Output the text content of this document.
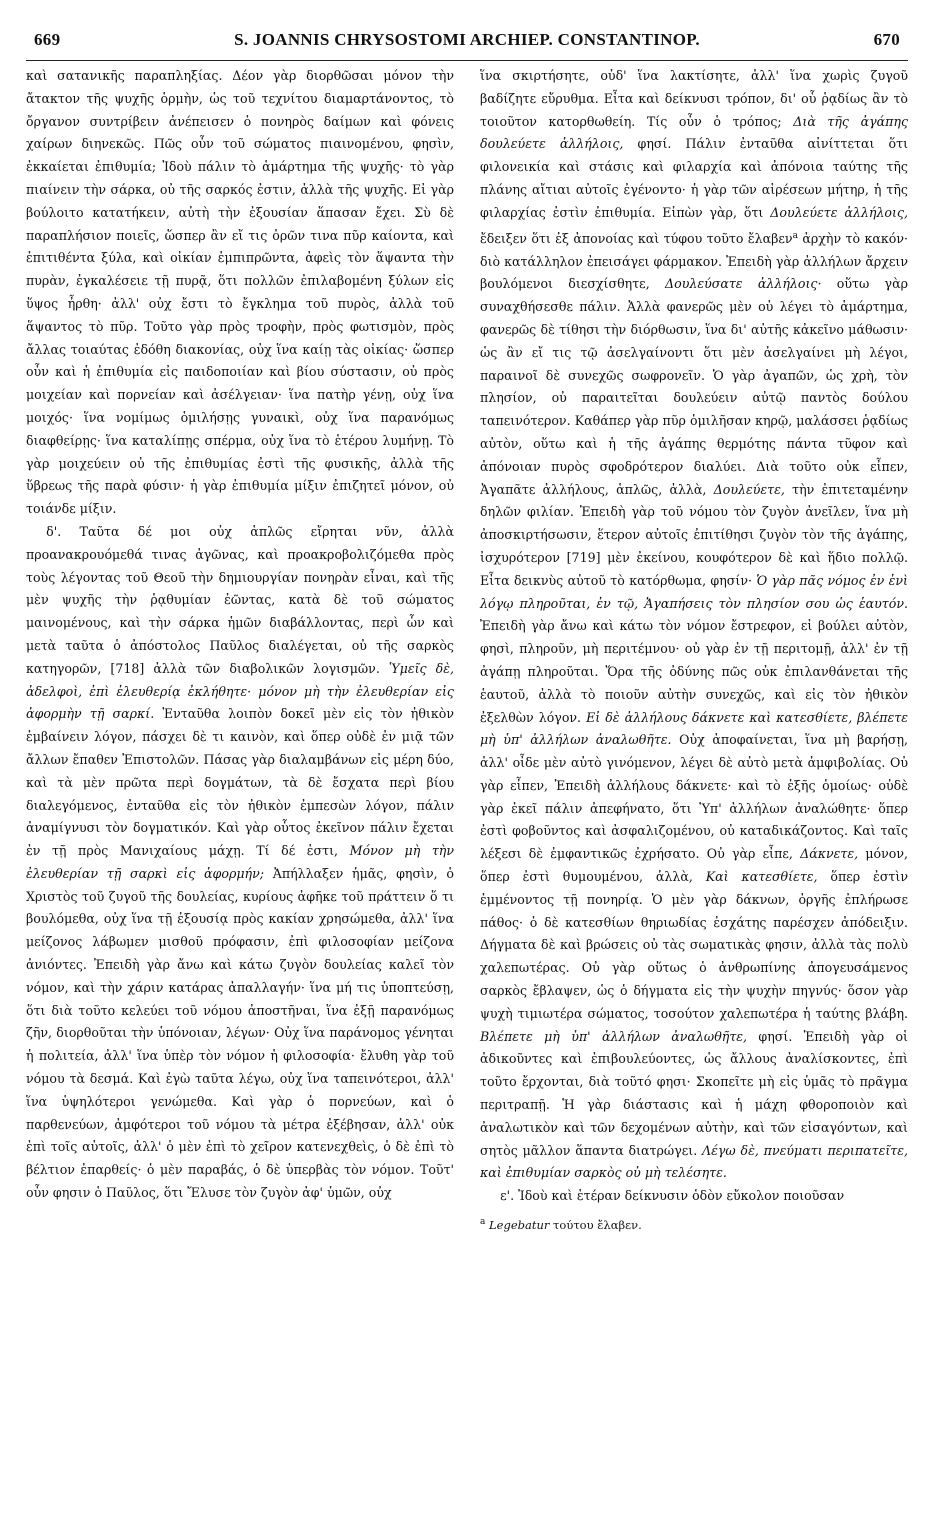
669	S. JOANNIS CHRYSOSTOMI ARCHIEP. CONSTANTINOP.	670

καὶ σατανικῆς παραπληξίας. Δέον γὰρ διορθῶσαι μόνον τὴν ἄτακτον τῆς ψυχῆς ὁρμὴν, ὡς τοῦ τεχνίτου διαμαρτάνοντος, τὸ ὄργανον συντρίβειν ἀνέπεισεν ὁ πονηρὸς δαίμων καὶ φόνεις χαίρων διηνεκῶς. Πῶς οὖν τοῦ σώματος πιαινομένου, φησὶν, ἐκκαίεται ἐπιθυμία; Ἰδοὺ πάλιν τὸ ἁμάρτημα τῆς ψυχῆς· τὸ γὰρ πιαίνειν τὴν σάρκα, οὐ τῆς σαρκός ἐστιν, ἀλλὰ τῆς ψυχῆς. Εἰ γὰρ βούλοιτο κατατήκειν, αὐτὴ τὴν ἐξουσίαν ἅπασαν ἔχει. Σὺ δὲ παραπλήσιον ποιεῖς, ὥσπερ ἂν εἴ τις ὁρῶν τινα πῦρ καίοντα, καὶ ἐπιτιθέντα ξύλα, καὶ οἰκίαν ἐμπιπρῶντα, ἀφεὶς τὸν ἅψαντα τὴν πυρὰν, ἐγκαλέσειε τῇ πυρᾷ, ὅτι πολλῶν ἐπιλαβομένη ξύλων εἰς ὕψος ἦρθη· ἀλλ' οὐχ ἔστι τὸ ἔγκλημα τοῦ πυρὸς, ἀλλὰ τοῦ ἅψαντος τὸ πῦρ. Τοῦτο γὰρ πρὸς τροφὴν, πρὸς φωτισμὸν, πρὸς ἄλλας τοιαύτας ἐδόθη διακονίας, οὐχ ἵνα καίῃ τὰς οἰκίας· ὥσπερ οὖν καὶ ἡ ἐπιθυμία εἰς παιδοποιίαν καὶ βίου σύστασιν, οὐ πρὸς μοιχείαν καὶ πορνείαν καὶ ἀσέλγειαν· ἵνα πατὴρ γένῃ, οὐχ ἵνα μοιχός· ἵνα νομίμως ὁμιλήσῃς γυναικὶ, οὐχ ἵνα παρανόμως διαφθείρῃς· ἵνα καταλίπῃς σπέρμα, οὐχ ἵνα τὸ ἑτέρου λυμήνῃ. Τὸ γὰρ μοιχεύειν οὐ τῆς ἐπιθυμίας ἐστὶ τῆς φυσικῆς, ἀλλὰ τῆς ὕβρεως τῆς παρὰ φύσιν· ἡ γὰρ ἐπιθυμία μίξιν ἐπιζητεῖ μόνον, οὐ τοιάνδε μίξιν.

δ'. Ταῦτα δέ μοι οὐχ ἁπλῶς εἴρηται νῦν, ἀλλὰ προανακρουόμεθά τινας ἀγῶνας, καὶ προακροβολιζόμεθα πρὸς τοὺς λέγοντας τοῦ Θεοῦ τὴν δημιουργίαν πονηρὰν εἶναι, καὶ τῆς μὲν ψυχῆς τὴν ῥᾳθυμίαν ἐῶντας, κατὰ δὲ τοῦ σώματος μαινομένους, καὶ τὴν σάρκα ἡμῶν διαβάλλοντας, περὶ ὧν καὶ μετὰ ταῦτα ὁ ἀπόστολος Παῦλος διαλέγεται, οὐ τῆς σαρκὸς κατηγορῶν, [718] ἀλλὰ τῶν διαβολικῶν λογισμῶν. Ὑμεῖς δὲ, ἀδελφοὶ, ἐπὶ ἐλευθερίᾳ ἐκλήθητε· μόνον μὴ τὴν ἐλευθερίαν εἰς ἀφορμὴν τῇ σαρκί. Ἐνταῦθα λοιπὸν δοκεῖ μὲν εἰς τὸν ἠθικὸν ἐμβαίνειν λόγον, πάσχει δὲ τι καινὸν, καὶ ὅπερ οὐδὲ ἐν μιᾷ τῶν ἄλλων ἔπαθεν Ἐπιστολῶν. Πάσας γὰρ διαλαμβάνων εἰς μέρη δύο, καὶ τὰ μὲν πρῶτα περὶ δογμάτων, τὰ δὲ ἔσχατα περὶ βίου διαλεγόμενος, ἐνταῦθα εἰς τὸν ἠθικὸν ἐμπεσὼν λόγον, πάλιν ἀναμίγνυσι τὸν δογματικόν. Καὶ γὰρ οὗτος ἐκεῖνον πάλιν ἔχεται ἐν τῇ πρὸς Μανιχαίους μάχῃ. Τί δέ ἐστι, Μόνον μὴ τὴν ἐλευθερίαν τῇ σαρκὶ εἰς ἀφορμήν; Ἀπήλλαξεν ἡμᾶς, φησὶν, ὁ Χριστὸς τοῦ ζυγοῦ τῆς δουλείας, κυρίους ἀφῆκε τοῦ πράττειν ὅ τι βουλόμεθα, οὐχ ἵνα τῇ ἐξουσίᾳ πρὸς κακίαν χρησώμεθα, ἀλλ' ἵνα μείζονος λάβωμεν μισθοῦ πρόφασιν, ἐπὶ φιλοσοφίαν μείζονα ἀνιόντες. Ἐπειδὴ γὰρ ἄνω καὶ κάτω ζυγὸν δουλείας καλεῖ τὸν νόμον, καὶ τὴν χάριν κατάρας ἀπαλλαγήν· ἵνα μή τις ὑποπτεύσῃ, ὅτι διὰ τοῦτο κελεύει τοῦ νόμου ἀποστῆναι, ἵνα ἐξῇ παρανόμως ζῆν, διορθοῦται τὴν ὑπόνοιαν, λέγων· Οὐχ ἵνα παράνομος γένηται ἡ πολιτεία, ἀλλ' ἵνα ὑπὲρ τὸν νόμον ἡ φιλοσοφία· ἔλυθη γὰρ τοῦ νόμου τὰ δεσμά. Καὶ ἐγὼ ταῦτα λέγω, οὐχ ἵνα ταπεινότεροι, ἀλλ' ἵνα ὑψηλότεροι γενώμεθα. Καὶ γὰρ ὁ πορνεύων, καὶ ὁ παρθενεύων, ἀμφότεροι τοῦ νόμου τὰ μέτρα ἐξέβησαν, ἀλλ' οὐκ ἐπὶ τοῖς αὐτοῖς, ἀλλ' ὁ μὲν ἐπὶ τὸ χεῖρον κατενεχθεὶς, ὁ δὲ ἐπὶ τὸ βέλτιον ἐπαρθείς· ὁ μὲν παραβάς, ὁ δὲ ὑπερβὰς τὸν νόμον. Τοῦτ' οὖν φησιν ὁ Παῦλος, ὅτι Ἔλυσε τὸν ζυγὸν ἀφ' ὑμῶν, οὐχ

ἵνα σκιρτήσητε, οὐδ' ἵνα λακτίσητε, ἀλλ' ἵνα χωρὶς ζυγοῦ βαδίζητε εὔρυθμα. Εἶτα καὶ δείκνυσι τρόπον, δι' οὗ ῥᾳδίως ἂν τὸ τοιοῦτον κατορθωθείη. Τίς οὖν ὁ τρόπος; Διὰ τῆς ἀγάπης δουλεύετε ἀλλήλοις, φησί. Πάλιν ἐνταῦθα αἰνίττεται ὅτι φιλονεικία καὶ στάσις καὶ φιλαρχία καὶ ἀπόνοια ταύτης τῆς πλάνης αἴτιαι αὐτοῖς ἐγένοντο· ἡ γὰρ τῶν αἱρέσεων μήτηρ, ἡ τῆς φιλαρχίας ἐστὶν ἐπιθυμία. Εἰπὼν γὰρ, ὅτι Δουλεύετε ἀλλήλοις, ἔδειξεν ὅτι ἐξ ἀπονοίας καὶ τύφου τοῦτο ἔλαβεν$^a$ ἀρχὴν τὸ κακόν· διὸ κατάλληλον ἐπεισάγει φάρμακον. Ἐπειδὴ γὰρ ἀλλήλων ἄρχειν βουλόμενοι διεσχίσθητε, Δουλεύσατε ἀλλήλοις· οὕτω γὰρ συναχθήσεσθε πάλιν. Ἀλλὰ φανερῶς μὲν οὐ λέγει τὸ ἁμάρτημα, φανερῶς δὲ τίθησι τὴν διόρθωσιν, ἵνα δι' αὐτῆς κἀκεῖνο μάθωσιν· ὡς ἂν εἴ τις τῷ ἀσελγαίνοντι ὅτι μὲν ἀσελγαίνει μὴ λέγοι, παραινοῖ δὲ συνεχῶς σωφρονεῖν. Ὁ γὰρ ἀγαπῶν, ὡς χρὴ, τὸν πλησίον, οὐ παραιτεῖται δουλεύειν αὐτῷ παντὸς δούλου ταπεινότερον. Καθάπερ γὰρ πῦρ ὁμιλῆσαν κηρῷ, μαλάσσει ῥᾳδίως αὐτὸν, οὕτω καὶ ἡ τῆς ἀγάπης θερμότης πάντα τῦφον καὶ ἀπόνοιαν πυρὸς σφοδρότερον διαλύει. Διὰ τοῦτο οὐκ εἶπεν, Ἀγαπᾶτε ἀλλήλους, ἁπλῶς, ἀλλὰ, Δουλεύετε, τὴν ἐπιτεταμένην δηλῶν φιλίαν. Ἐπειδὴ γὰρ τοῦ νόμου τὸν ζυγὸν ἀνεῖλεν, ἵνα μὴ ἀποσκιρτήσωσιν, ἕτερον αὐτοῖς ἐπιτίθησι ζυγὸν τὸν τῆς ἀγάπης, ἰσχυρότερον [719] μὲν ἐκείνου, κουφότερον δὲ καὶ ἥδιο πολλῷ. Εἶτα δεικνὺς αὐτοῦ τὸ κατόρθωμα, φησίν· Ὁ γὰρ πᾶς νόμος ἐν ἑνὶ λόγῳ πληροῦται, ἐν τῷ, Ἀγαπήσεις τὸν πλησίον σου ὡς ἑαυτόν. Ἐπειδὴ γὰρ ἄνω καὶ κάτω τὸν νόμον ἔστρεφον, εἰ βούλει αὐτὸν, φησὶ, πληροῦν, μὴ περιτέμνου· οὐ γὰρ ἐν τῇ περιτομῇ, ἀλλ' ἐν τῇ ἀγάπῃ πληροῦται. Ὅρα τῆς ὀδύνης πῶς οὐκ ἐπιλανθάνεται τῆς ἑαυτοῦ, ἀλλὰ τὸ ποιοῦν αὐτὴν συνεχῶς, καὶ εἰς τὸν ἠθικὸν ἐξελθὼν λόγον. Εἰ δὲ ἀλλήλους δάκνετε καὶ κατεσθίετε, βλέπετε μὴ ὑπ' ἀλλήλων ἀναλωθῆτε. Οὐχ ἀποφαίνεται, ἵνα μὴ βαρήσῃ, ἀλλ' οἶδε μὲν αὐτὸ γινόμενον, λέγει δὲ αὐτὸ μετὰ ἀμφιβολίας. Οὐ γὰρ εἶπεν, Ἐπειδὴ ἀλλήλους δάκνετε· καὶ τὸ ἑξῆς ὁμοίως· οὐδὲ γὰρ ἐκεῖ πάλιν ἀπεφήνατο, ὅτι Ὑπ' ἀλλήλων ἀναλώθητε· ὅπερ ἐστὶ φοβοῦντος καὶ ἀσφαλιζομένου, οὐ καταδικάζοντος. Καὶ ταῖς λέξεσι δὲ ἐμφαντικῶς ἐχρήσατο. Οὐ γὰρ εἶπε, Δάκνετε, μόνον, ὅπερ ἐστὶ θυμουμένου, ἀλλὰ, Καὶ κατεσθίετε, ὅπερ ἐστὶν ἐμμένοντος τῇ πονηρίᾳ. Ὁ μὲν γὰρ δάκνων, ὀργῆς ἐπλήρωσε πάθος· ὁ δὲ κατεσθίων θηριωδίας ἐσχάτης παρέσχεν ἀπόδειξιν. Δήγματα δὲ καὶ βρώσεις οὐ τὰς σωματικὰς φησιν, ἀλλὰ τὰς πολὺ χαλεπωτέρας. Οὐ γὰρ οὕτως ὁ ἀνθρωπίνης ἀπογευσάμενος σαρκὸς ἔβλαψεν, ὡς ὁ δήγματα εἰς τὴν ψυχὴν πηγνύς· ὅσον γὰρ ψυχὴ τιμιωτέρα σώματος, τοσούτον χαλεπωτέρα ἡ ταύτης βλάβη. Βλέπετε μὴ ὑπ' ἀλλήλων ἀναλωθῆτε, φησί. Ἐπειδὴ γὰρ οἱ ἀδικοῦντες καὶ ἐπιβουλεύοντες, ὡς ἄλλους ἀναλίσκοντες, ἐπὶ τοῦτο ἔρχονται, διὰ τοῦτό φησι· Σκοπεῖτε μὴ εἰς ὑμᾶς τὸ πρᾶγμα περιτραπῇ. Ἡ γὰρ διάστασις καὶ ἡ μάχη φθοροποιὸν καὶ ἀναλωτικὸν καὶ τῶν δεχομένων αὐτὴν, καὶ τῶν εἰσαγόντων, καὶ σητὸς μᾶλλον ἅπαντα διατρώγει. Λέγω δὲ, πνεύματι περιπατεῖτε, καὶ ἐπιθυμίαν σαρκὸς οὐ μὴ τελέσητε.

ε'. Ἰδοὺ καὶ ἑτέραν δείκνυσιν ὁδὸν εὔκολον ποιοῦσαν

$^a$ Legebatur τούτου ἔλαβεν.
